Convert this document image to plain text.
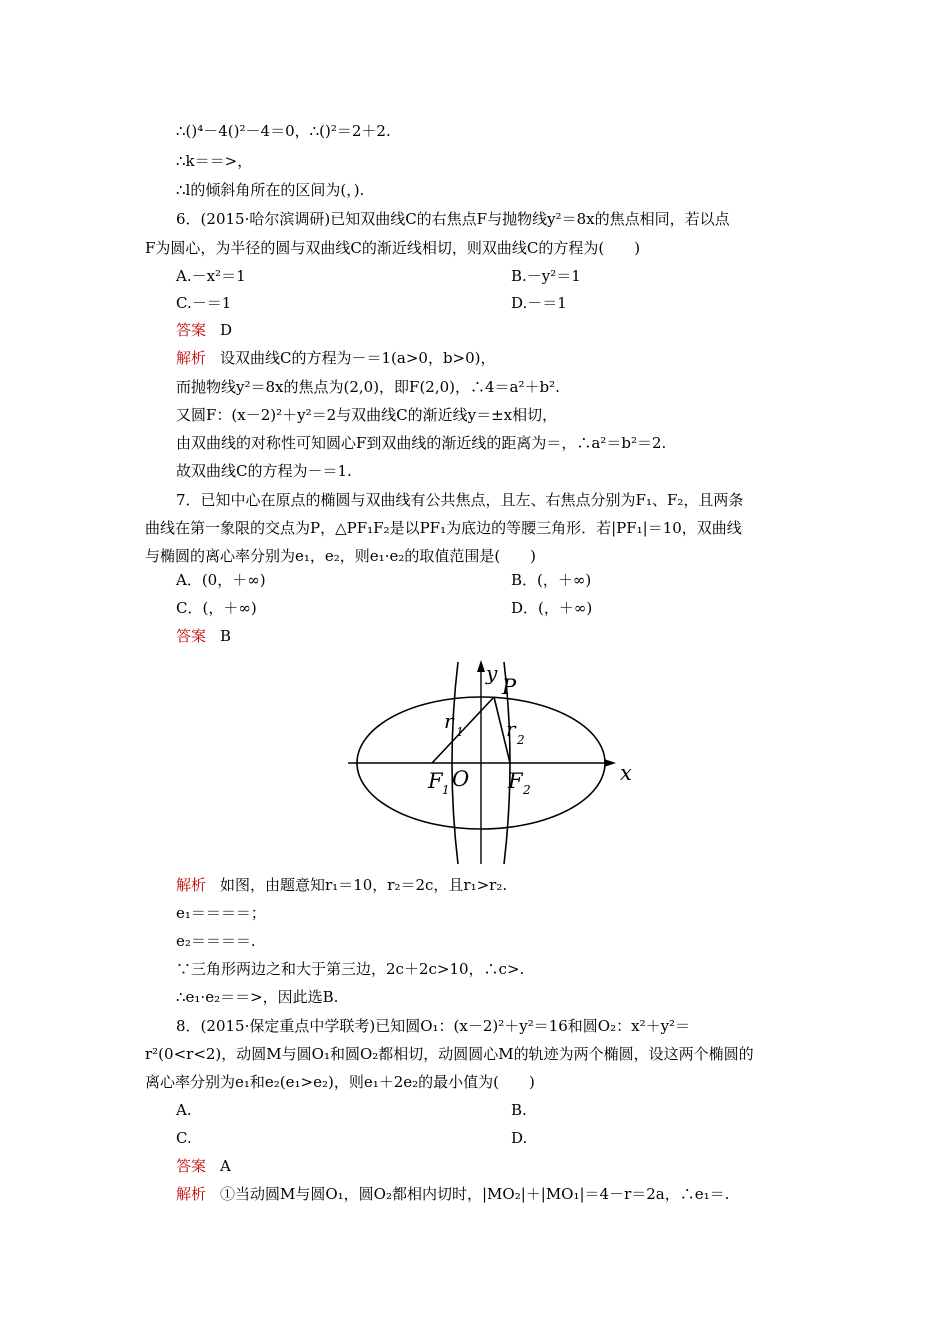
∴()⁴－4()²－4＝0，∴()²＝2＋2.
∴k＝＝>，
∴l的倾斜角所在的区间为(，).
6．(2015·哈尔滨调研)已知双曲线C的右焦点F与抛物线y²＝8x的焦点相同，若以点
F为圆心，为半径的圆与双曲线C的渐近线相切，则双曲线C的方程为(　　)
A.－x²＝1	B.－y²＝1
C.－＝1	D.－＝1
答案 D
解析 设双曲线C的方程为－＝1(a>0，b>0)，
而抛物线y²＝8x的焦点为(2,0)，即F(2,0)，∴4＝a²＋b².
又圆F：(x－2)²＋y²＝2与双曲线C的渐近线y＝±x相切，
由双曲线的对称性可知圆心F到双曲线的渐近线的距离为＝，∴a²＝b²＝2.
故双曲线C的方程为－＝1.
7．已知中心在原点的椭圆与双曲线有公共焦点，且左、右焦点分别为F₁、F₂，且两条
曲线在第一象限的交点为P，△PF₁F₂是以PF₁为底边的等腰三角形．若|PF₁|＝10，双曲线
与椭圆的离心率分别为e₁，e₂，则e₁·e₂的取值范围是(　　)
A．(0，＋∞)	B．(，＋∞)
C．(，＋∞)	D．(，＋∞)
答案 B
y
P
r 1 r 2
F 1 O F 2
x
解析 如图，由题意知r₁＝10，r₂＝2c，且r₁>r₂.
e₁＝＝＝＝；
e₂＝＝＝＝.
∵三角形两边之和大于第三边，2c＋2c>10，∴c>.
∴e₁·e₂＝＝>，因此选B.
8．(2015·保定重点中学联考)已知圆O₁：(x－2)²＋y²＝16和圆O₂：x²＋y²＝
r²(0<r<2)，动圆M与圆O₁和圆O₂都相切，动圆圆心M的轨迹为两个椭圆，设这两个椭圆的
离心率分别为e₁和e₂(e₁>e₂)，则e₁＋2e₂的最小值为(　　)
A.	B.
C.	D.
答案 A
解析 ①当动圆M与圆O₁，圆O₂都相内切时，|MO₂|＋|MO₁|＝4－r＝2a，∴e₁＝.
